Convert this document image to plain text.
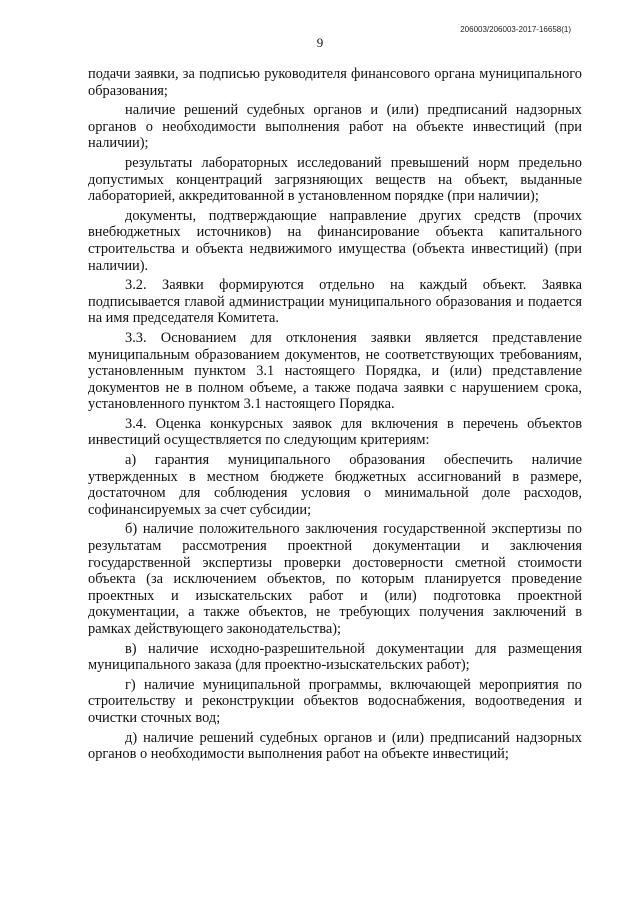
206003/206003-2017-16658(1)
9

подачи заявки, за подписью руководителя финансового органа муниципального образования;

наличие решений судебных органов и (или) предписаний надзорных органов о необходимости выполнения работ на объекте инвестиций (при наличии);

результаты лабораторных исследований превышений норм предельно допустимых концентраций загрязняющих веществ на объект, выданные лабораторией, аккредитованной в установленном порядке (при наличии);

документы, подтверждающие направление других средств (прочих внебюджетных источников) на финансирование объекта капитального строительства и объекта недвижимого имущества (объекта инвестиций) (при наличии).

3.2. Заявки формируются отдельно на каждый объект. Заявка подписывается главой администрации муниципального образования и подается на имя председателя Комитета.

3.3. Основанием для отклонения заявки является представление муниципальным образованием документов, не соответствующих требованиям, установленным пунктом 3.1 настоящего Порядка, и (или) представление документов не в полном объеме, а также подача заявки с нарушением срока, установленного пунктом 3.1 настоящего Порядка.

3.4. Оценка конкурсных заявок для включения в перечень объектов инвестиций осуществляется по следующим критериям:

а) гарантия муниципального образования обеспечить наличие утвержденных в местном бюджете бюджетных ассигнований в размере, достаточном для соблюдения условия о минимальной доле расходов, софинансируемых за счет субсидии;

б) наличие положительного заключения государственной экспертизы по результатам рассмотрения проектной документации и заключения государственной экспертизы проверки достоверности сметной стоимости объекта (за исключением объектов, по которым планируется проведение проектных и изыскательских работ и (или) подготовка проектной документации, а также объектов, не требующих получения заключений в рамках действующего законодательства);

в) наличие исходно-разрешительной документации для размещения муниципального заказа (для проектно-изыскательских работ);

г) наличие муниципальной программы, включающей мероприятия по строительству и реконструкции объектов водоснабжения, водоотведения и очистки сточных вод;

д) наличие решений судебных органов и (или) предписаний надзорных органов о необходимости выполнения работ на объекте инвестиций;
